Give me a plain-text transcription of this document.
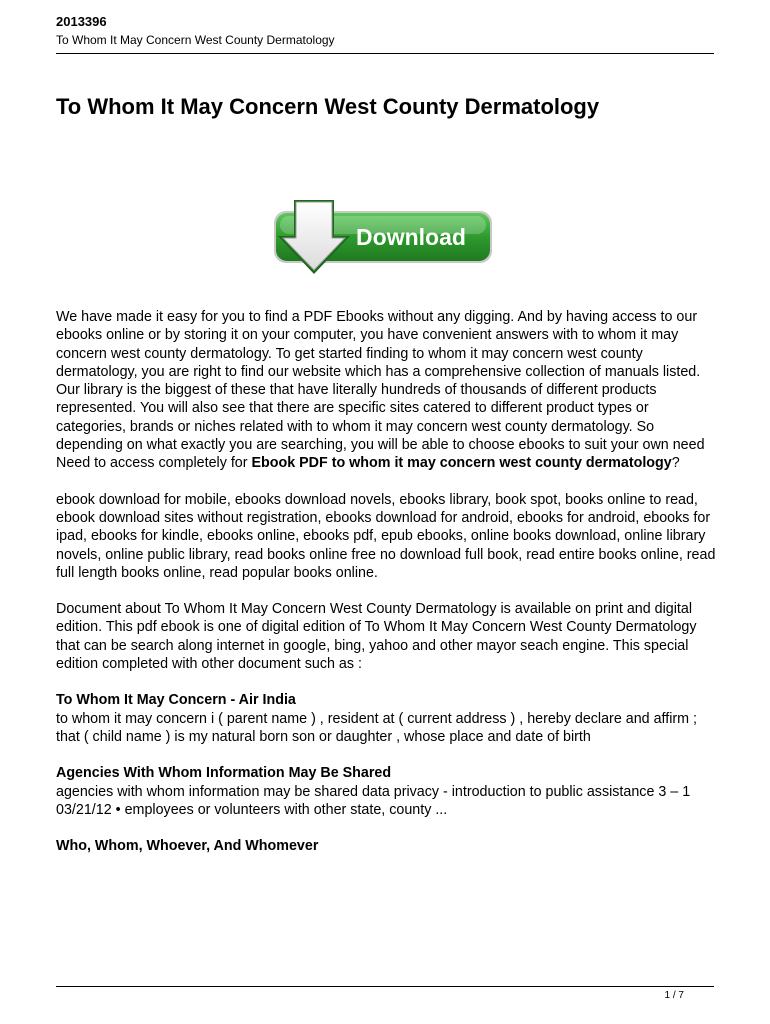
2013396
To Whom It May Concern West County Dermatology
To Whom It May Concern West County Dermatology
Download

We have made it easy for you to find a PDF Ebooks without any digging. And by having access to our ebooks online or by storing it on your computer, you have convenient answers with to whom it may concern west county dermatology. To get started finding to whom it may concern west county dermatology, you are right to find our website which has a comprehensive collection of manuals listed.

Our library is the biggest of these that have literally hundreds of thousands of different products represented. You will also see that there are specific sites catered to different product types or categories, brands or niches related with to whom it may concern west county dermatology. So depending on what exactly you are searching, you will be able to choose ebooks to suit your own need

Need to access completely for Ebook PDF to whom it may concern west county dermatology?

ebook download for mobile, ebooks download novels, ebooks library, book spot, books online to read, ebook download sites without registration, ebooks download for android, ebooks for android, ebooks for ipad, ebooks for kindle, ebooks online, ebooks pdf, epub ebooks, online books download, online library novels, online public library, read books online free no download full book, read entire books online, read full length books online, read popular books online.

Document about To Whom It May Concern West County Dermatology is available on print and digital edition. This pdf ebook is one of digital edition of To Whom It May Concern West County Dermatology that can be search along internet in google, bing, yahoo and other mayor seach engine. This special edition completed with other document such as :

To Whom It May Concern - Air India

to whom it may concern i ( parent name ) , resident at ( current address ) , hereby declare and affirm ; that ( child name ) is my natural born son or daughter , whose place and date of birth

Agencies With Whom Information May Be Shared

agencies with whom information may be shared data privacy - introduction to public assistance 3 – 1 03/21/12 • employees or volunteers with other state, county ...

Who, Whom, Whoever, And Whomever

1 / 7
